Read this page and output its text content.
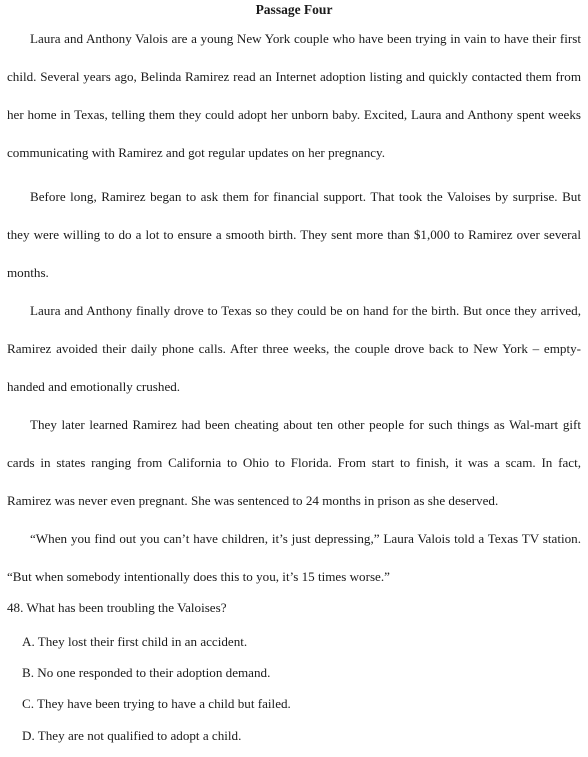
Passage Four

Laura and Anthony Valois are a young New York couple who have been trying in vain to have their first child. Several years ago, Belinda Ramirez read an Internet adoption listing and quickly contacted them from her home in Texas, telling them they could adopt her unborn baby. Excited, Laura and Anthony spent weeks communicating with Ramirez and got regular updates on her pregnancy.

Before long, Ramirez began to ask them for financial support. That took the Valoises by surprise. But they were willing to do a lot to ensure a smooth birth. They sent more than $1,000 to Ramirez over several months.

Laura and Anthony finally drove to Texas so they could be on hand for the birth. But once they arrived, Ramirez avoided their daily phone calls. After three weeks, the couple drove back to New York – empty-handed and emotionally crushed.

They later learned Ramirez had been cheating about ten other people for such things as Wal-mart gift cards in states ranging from California to Ohio to Florida. From start to finish, it was a scam. In fact, Ramirez was never even pregnant. She was sentenced to 24 months in prison as she deserved.

“When you find out you can’t have children, it’s just depressing,” Laura Valois told a Texas TV station. “But when somebody intentionally does this to you, it’s 15 times worse.”

48. What has been troubling the Valoises?
A. They lost their first child in an accident.
B. No one responded to their adoption demand.
C. They have been trying to have a child but failed.
D. They are not qualified to adopt a child.
